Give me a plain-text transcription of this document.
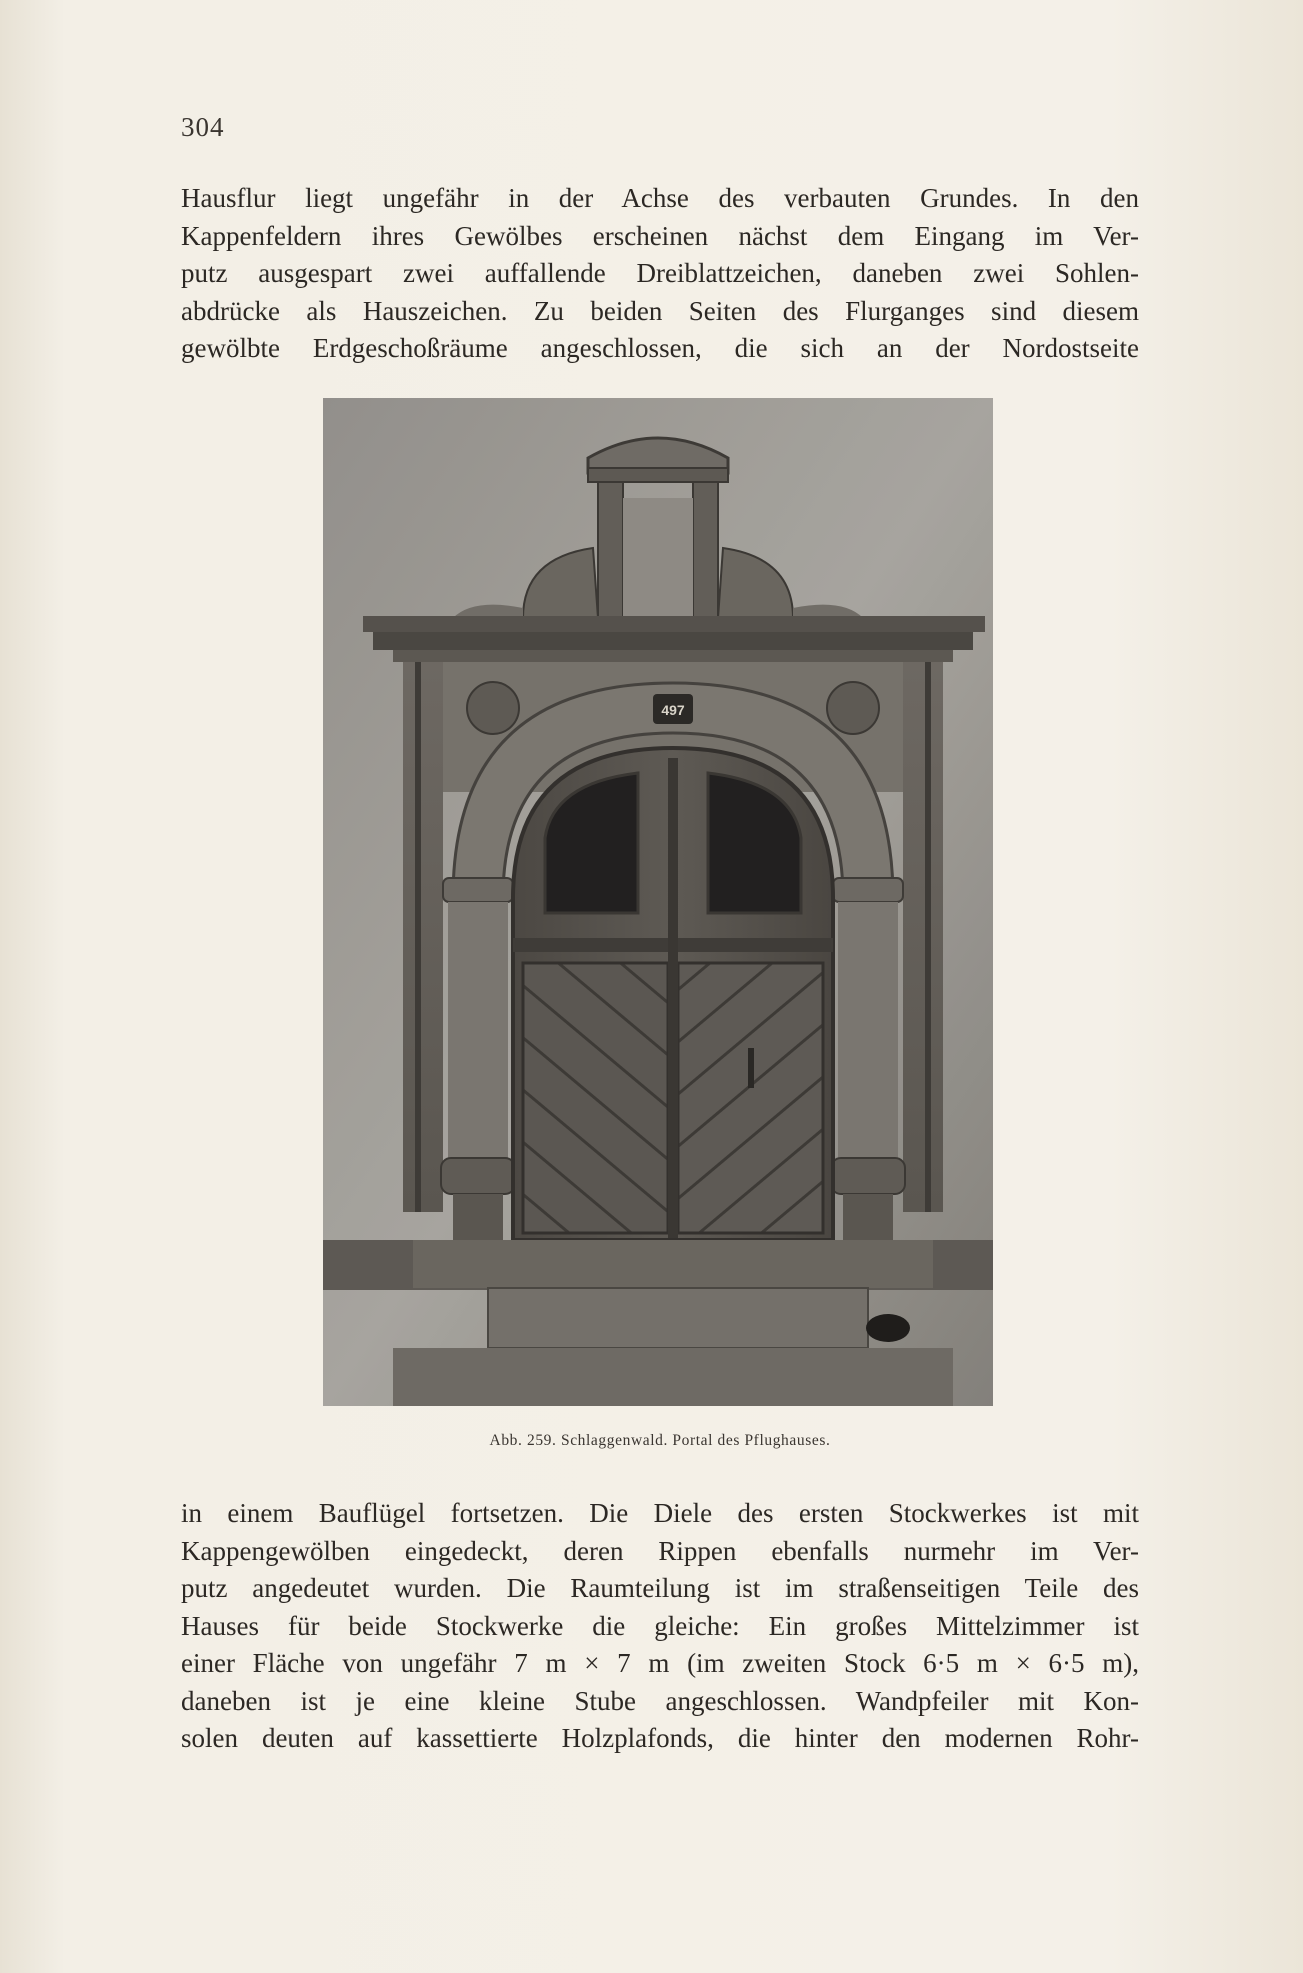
304
Hausflur liegt ungefähr in der Achse des verbauten Grundes. In den
Kappenfeldern ihres Gewölbes erscheinen nächst dem Eingang im Ver-
putz ausgespart zwei auffallende Dreiblattzeichen, daneben zwei Sohlen-
abdrücke als Hauszeichen. Zu beiden Seiten des Flurganges sind diesem
gewölbte Erdgeschoßräume angeschlossen, die sich an der Nordostseite
497
Abb. 259. Schlaggenwald. Portal des Pflughauses.
in einem Bauflügel fortsetzen. Die Diele des ersten Stockwerkes ist mit
Kappengewölben eingedeckt, deren Rippen ebenfalls nurmehr im Ver-
putz angedeutet wurden. Die Raumteilung ist im straßenseitigen Teile des
Hauses für beide Stockwerke die gleiche: Ein großes Mittelzimmer ist
einer Fläche von ungefähr 7 m × 7 m (im zweiten Stock 6·5 m × 6·5 m),
daneben ist je eine kleine Stube angeschlossen. Wandpfeiler mit Kon-
solen deuten auf kassettierte Holzplafonds, die hinter den modernen Rohr-
